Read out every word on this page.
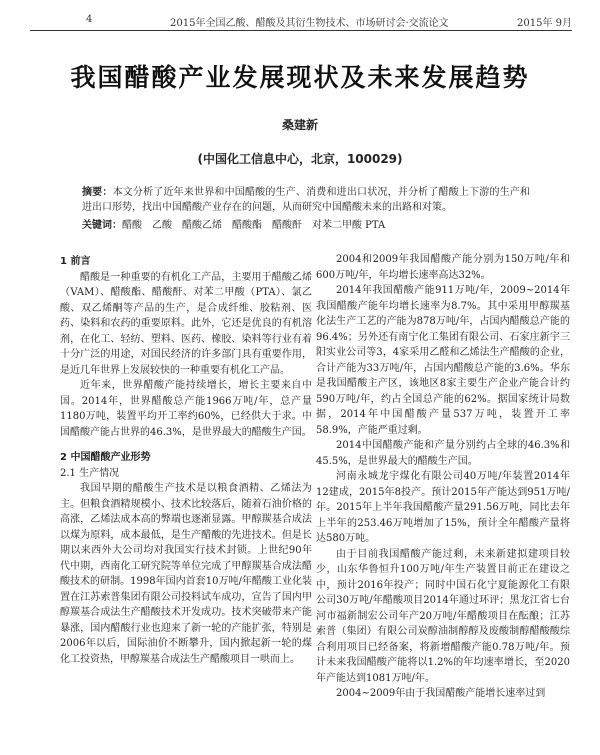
4	2015年全国乙酸、醋酸及其衍生物技术、市场研讨会·交流论文	2015年 9月
我国醋酸产业发展现状及未来发展趋势
桑建新
(中国化工信息中心，北京，100029)
摘要：本文分析了近年来世界和中国醋酸的生产、消费和进出口状况，并分析了醋酸上下游的生产和进出口形势，找出中国醋酸产业存在的问题，从而研究中国醋酸未来的出路和对策。
关键词：醋酸　乙酸　醋酸乙烯　醋酸酯　醋酸酐　对苯二甲酸 PTA
1 前言

醋酸是一种重要的有机化工产品，主要用于醋酸乙烯（VAM）、醋酸酯、醋酸酐、对苯二甲酸（PTA）、氯乙酸、双乙烯酮等产品的生产，是合成纤维、胶粘剂、医药、染料和农药的重要原料。此外，它还是优良的有机溶剂，在化工、轻纺、塑料、医药、橡胶、染料等行业有着十分广泛的用途，对国民经济的许多部门具有重要作用，是近几年世界上发展较快的一种重要有机化工产品。

近年来，世界醋酸产能持续增长，增长主要来自中国。2014年，世界醋酸总产能1966万吨/年，总产量1180万吨，装置平均开工率约60%，已经供大于求。中国醋酸产能占世界的46.3%，是世界最大的醋酸生产国。

2 中国醋酸产业形势
2.1 生产情况

我国早期的醋酸生产技术是以粮食酒精、乙烯法为主。但粮食酒精规模小、技术比较落后，随着石油价格的高涨，乙烯法成本高的弊端也逐渐显露。甲醇羰基合成法以煤为原料，成本最低，是生产醋酸的先进技术。但是长期以来西外大公司均对我国实行技术封锁。上世纪90年代中期，西南化工研究院等单位完成了甲醇羰基合成法醋酸技术的研制。1998年国内首套10万吨/年醋酸工业化装置在江苏索普集团有限公司投料试车成功，宣告了国内甲醇羰基合成法生产醋酸技术开发成功。技术突破带来产能暴涨，国内醋酸行业也迎来了新一轮的产能扩张，特别是2006年以后，国际油价不断攀升，国内掀起新一轮的煤化工投资热，甲醇羰基合成法生产醋酸项目一哄而上。

2004和2009年我国醋酸产能分别为150万吨/年和600万吨/年，年均增长速率高达32%。

2014年我国醋酸产能911万吨/年，2009~2014年我国醋酸产能年均增长速率为8.7%。其中采用甲醇羰基化法生产工艺的产能为878万吨/年，占国内醋酸总产能的96.4%；另外还有南宁化工集团有限公司、石家庄新宇三阳实业公司等3，4家采用乙醛和乙烯法生产醋酸的企业，合计产能为33万吨/年，占国内醋酸总产能的3.6%。华东是我国醋酸主产区，该地区8家主要生产企业产能合计约590万吨/年，约占全国总产能的62%。据国家统计局数据，2014年中国醋酸产量537万吨，装置开工率58.9%，产能严重过剩。

2014中国醋酸产能和产量分别约占全球的46.3%和45.5%，是世界最大的醋酸生产国。

河南永城龙宇煤化有限公司40万吨/年装置2014年12建成，2015年8投产。预计2015年产能达到951万吨/年。2015年上半年我国醋酸产量291.56万吨，同比去年上半年的253.46万吨增加了15%，预计全年醋酸产量将达580万吨。

由于目前我国醋酸产能过剩，未来新建拟建项目较少，山东华鲁恒升100万吨/年生产装置目前正在建设之中，预计2016年投产；同时中国石化宁夏能源化工有限公司30万吨/年醋酸项目2014年通过环评；黑龙江省七台河市福新制宏公司年产20万吨/年醋酸项目在酝酿；江苏索普（集团）有限公司炭醇油制醇醇及废酸制醇醋酸酸综合利用项目已经备案，将新增醋酸产能0.78万吨/年。预计未来我国醋酸产能将以1.2%的年均速率增长，至2020年产能达到1081万吨/年。

2004~2009年由于我国醋酸产能增长速率过到
